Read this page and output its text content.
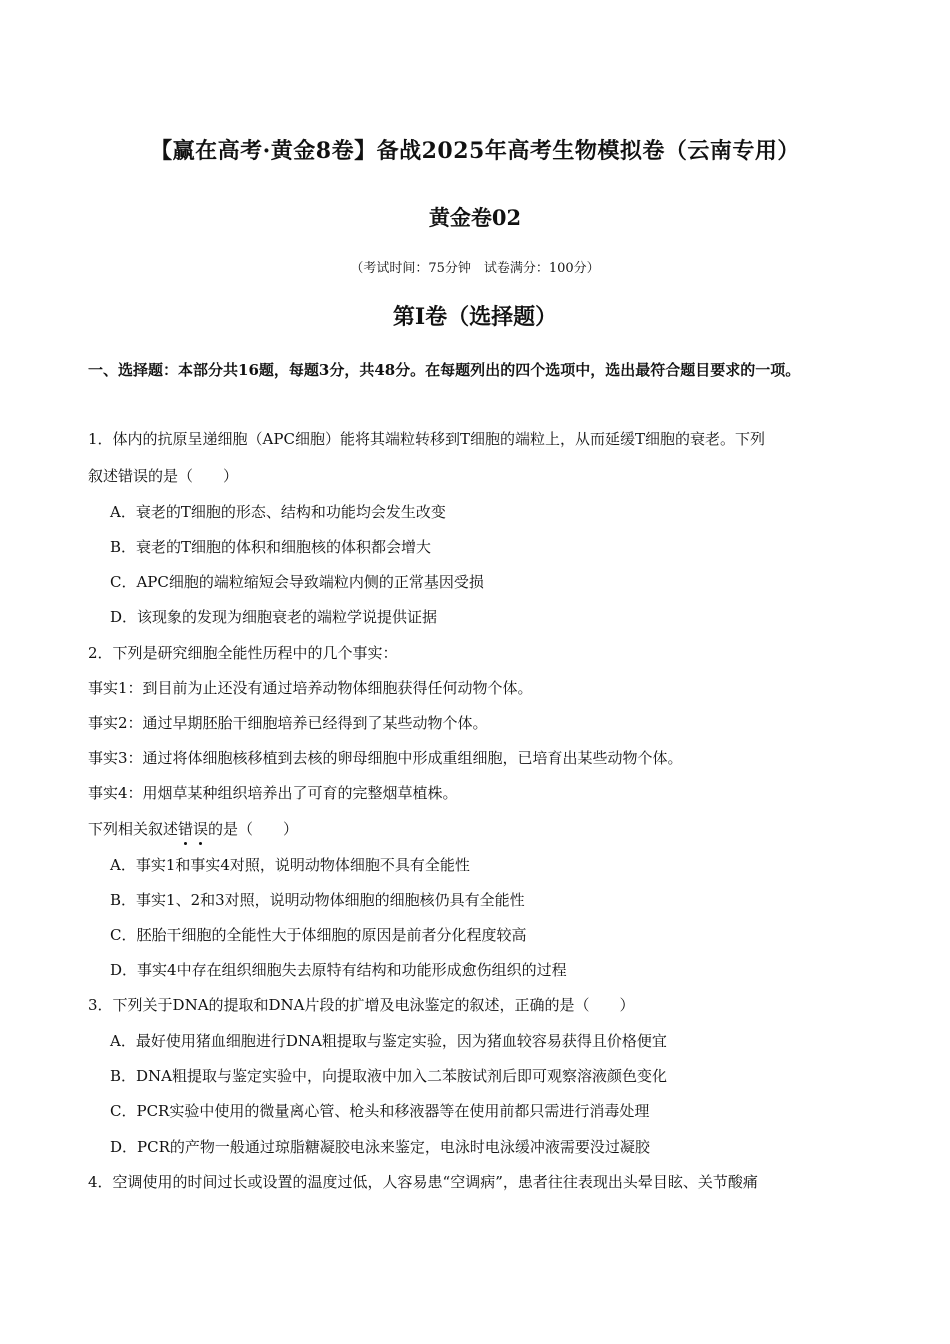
【赢在高考·黄金8卷】备战2025年高考生物模拟卷（云南专用）
黄金卷02
（考试时间：75分钟　试卷满分：100分）
第I卷（选择题）
一、选择题：本部分共16题，每题3分，共48分。在每题列出的四个选项中，选出最符合题目要求的一项。
1．体内的抗原呈递细胞（APC细胞）能将其端粒转移到T细胞的端粒上，从而延缓T细胞的衰老。下列
叙述错误的是（　　）
A．衰老的T细胞的形态、结构和功能均会发生改变
B．衰老的T细胞的体积和细胞核的体积都会增大
C．APC细胞的端粒缩短会导致端粒内侧的正常基因受损
D．该现象的发现为细胞衰老的端粒学说提供证据
2．下列是研究细胞全能性历程中的几个事实：
事实1：到目前为止还没有通过培养动物体细胞获得任何动物个体。
事实2：通过早期胚胎干细胞培养已经得到了某些动物个体。
事实3：通过将体细胞核移植到去核的卵母细胞中形成重组细胞，已培育出某些动物个体。
事实4：用烟草某种组织培养出了可育的完整烟草植株。
下列相关叙述错误的是（　　）
A．事实1和事实4对照，说明动物体细胞不具有全能性
B．事实1、2和3对照，说明动物体细胞的细胞核仍具有全能性
C．胚胎干细胞的全能性大于体细胞的原因是前者分化程度较高
D．事实4中存在组织细胞失去原特有结构和功能形成愈伤组织的过程
3．下列关于DNA的提取和DNA片段的扩增及电泳鉴定的叙述，正确的是（　　）
A．最好使用猪血细胞进行DNA粗提取与鉴定实验，因为猪血较容易获得且价格便宜
B．DNA粗提取与鉴定实验中，向提取液中加入二苯胺试剂后即可观察溶液颜色变化
C．PCR实验中使用的微量离心管、枪头和移液器等在使用前都只需进行消毒处理
D．PCR的产物一般通过琼脂糖凝胶电泳来鉴定，电泳时电泳缓冲液需要没过凝胶
4．空调使用的时间过长或设置的温度过低，人容易患“空调病”，患者往往表现出头晕目眩、关节酸痛
